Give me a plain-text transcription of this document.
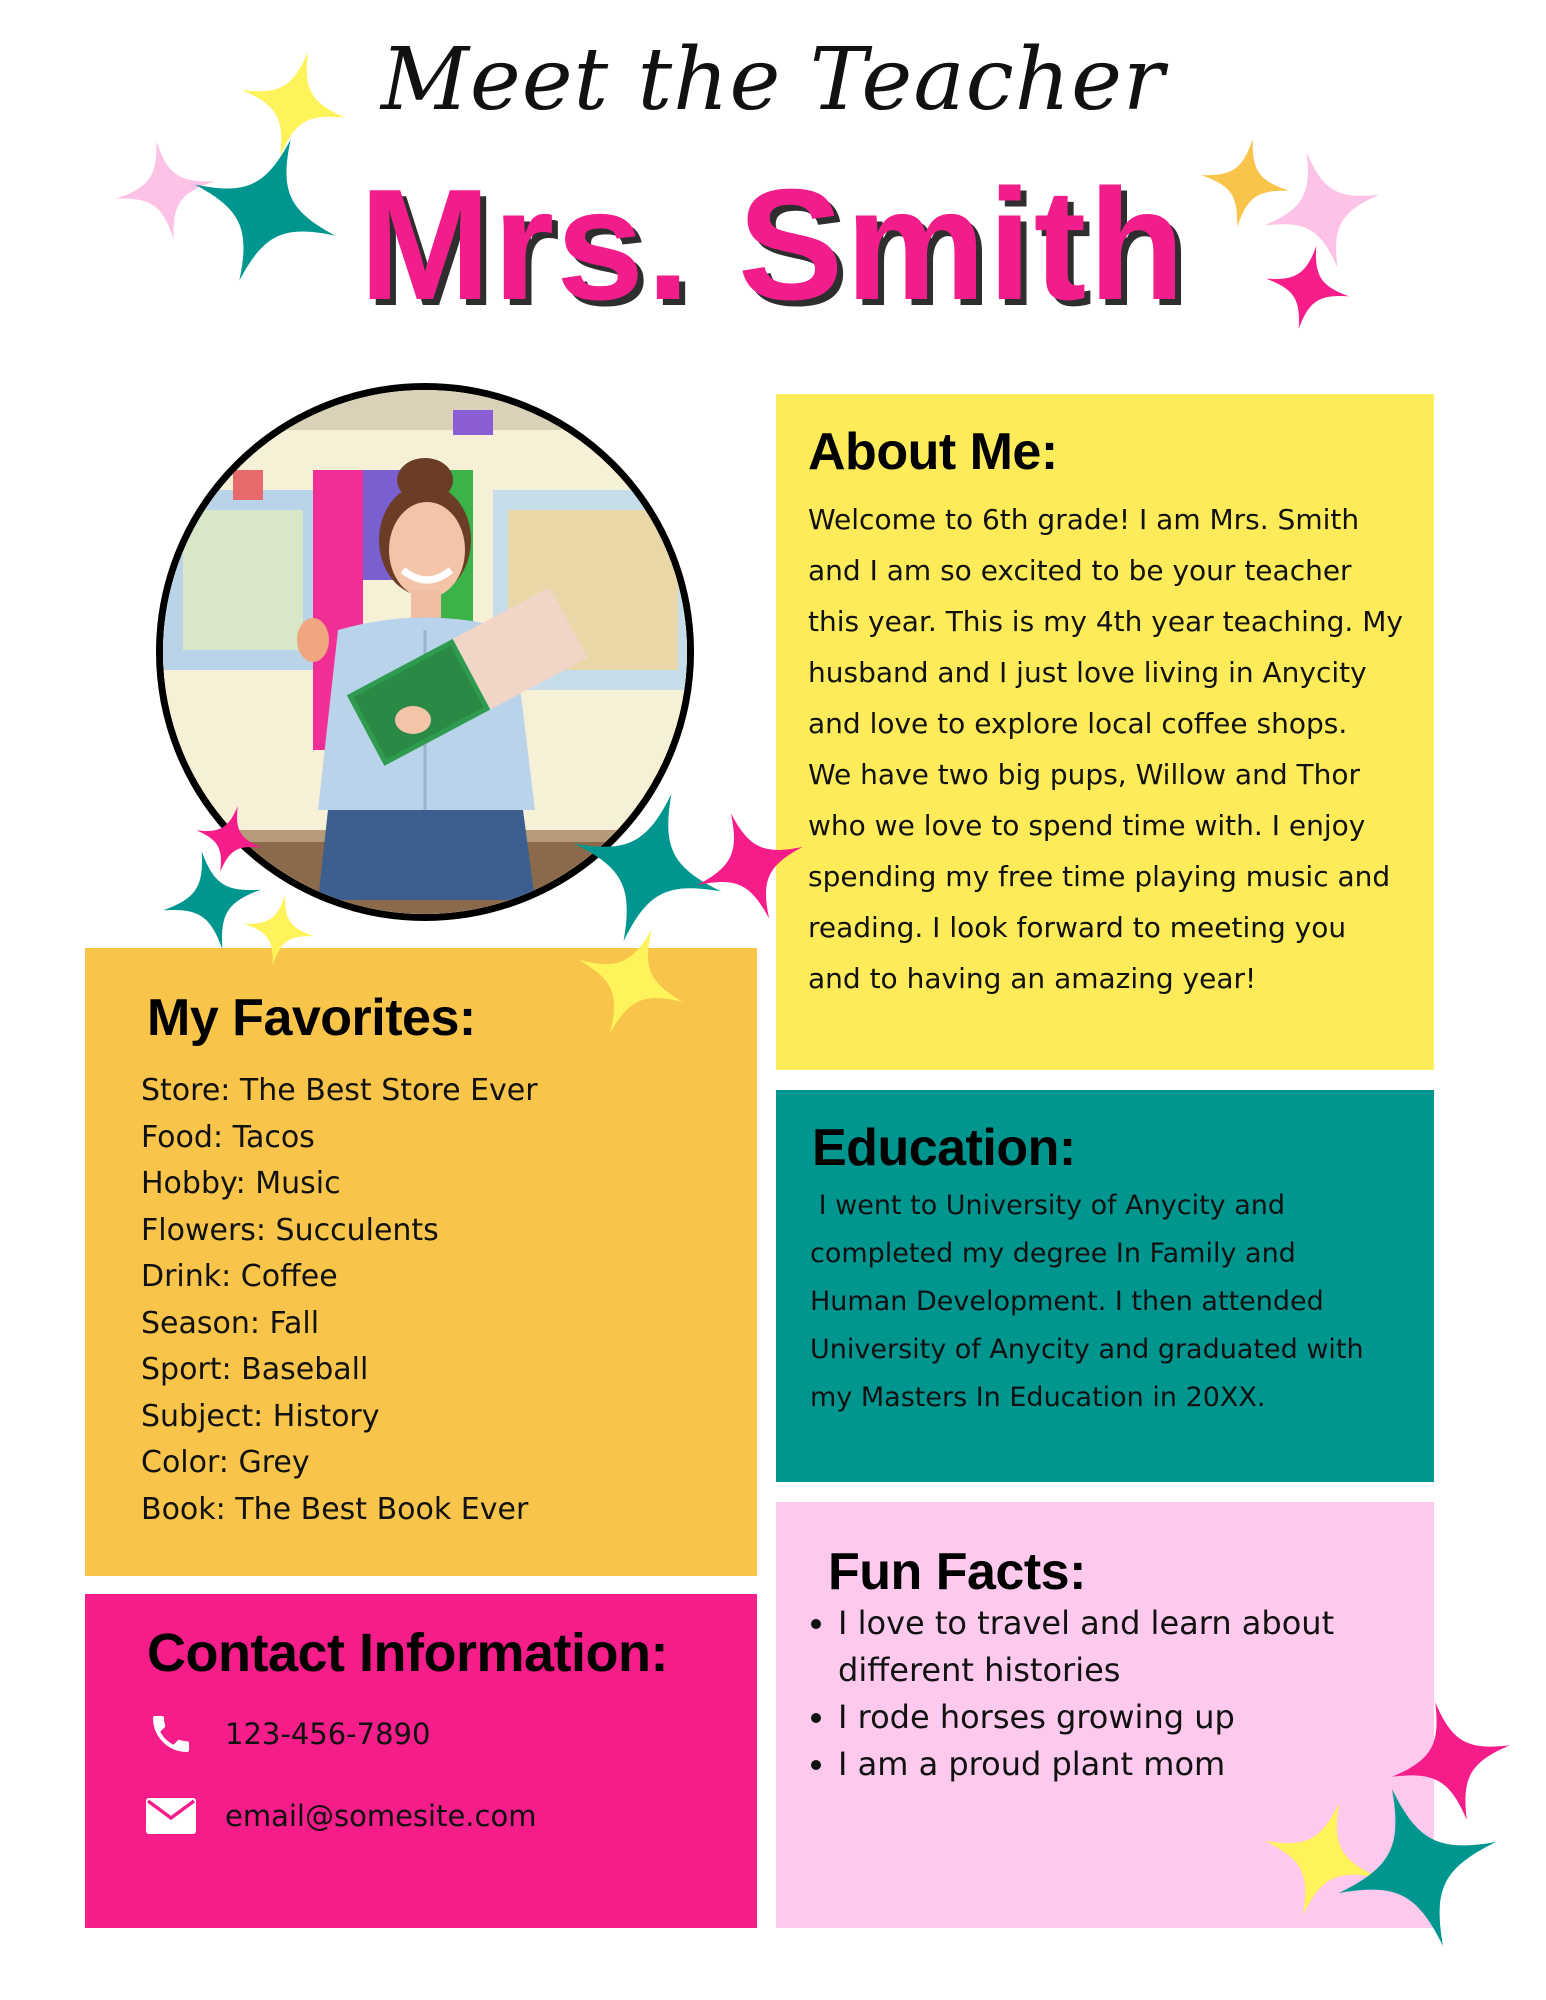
Meet the Teacher
Mrs. Smith
About Me:
Welcome to 6th grade! I am Mrs. Smith
and I am so excited to be your teacher
this year. This is my 4th year teaching. My
husband and I just love living in Anycity
and love to explore local coffee shops.
We have two big pups, Willow and Thor
who we love to spend time with. I enjoy
spending my free time playing music and
reading. I look forward to meeting you
and to having an amazing year!
Education:
I went to University of Anycity and
completed my degree In Family and
Human Development. I then attended
University of Anycity and graduated with
my Masters In Education in 20XX.
Fun Facts:
• I love to travel and learn about different histories
• I rode horses growing up
• I am a proud plant mom
My Favorites:
Store: The Best Store Ever
Food: Tacos
Hobby: Music
Flowers: Succulents
Drink: Coffee
Season: Fall
Sport: Baseball
Subject: History
Color: Grey
Book: The Best Book Ever
Contact Information:
123-456-7890
email@somesite.com
